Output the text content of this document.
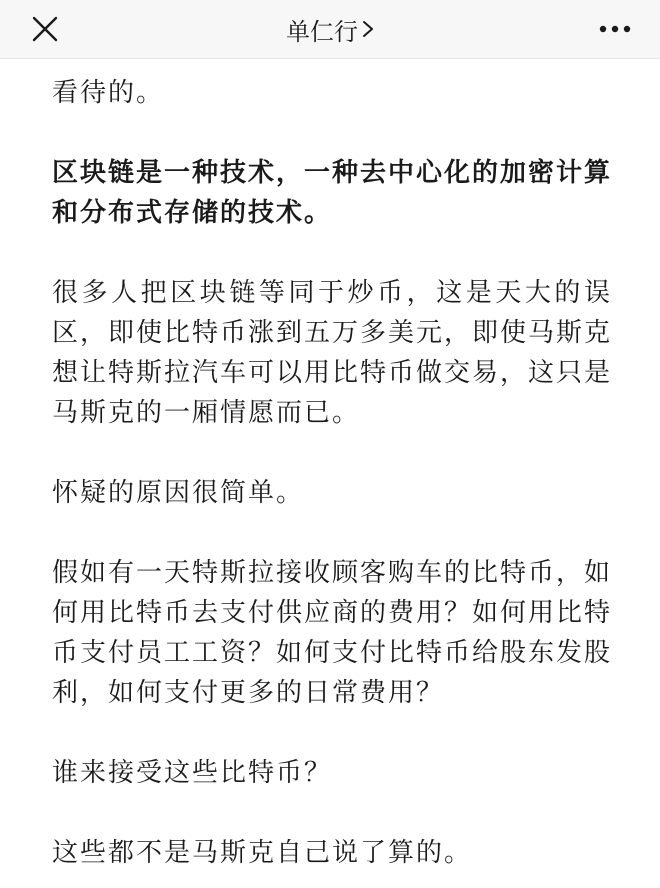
单仁行

看待的。

区块链是一种技术，一种去中心化的加密计算和分布式存储的技术。

很多人把区块链等同于炒币，这是天大的误区，即使比特币涨到五万多美元，即使马斯克想让特斯拉汽车可以用比特币做交易，这只是马斯克的一厢情愿而已。

怀疑的原因很简单。

假如有一天特斯拉接收顾客购车的比特币，如何用比特币去支付供应商的费用？如何用比特币支付员工工资？如何支付比特币给股东发股利，如何支付更多的日常费用？

谁来接受这些比特币？

这些都不是马斯克自己说了算的。
